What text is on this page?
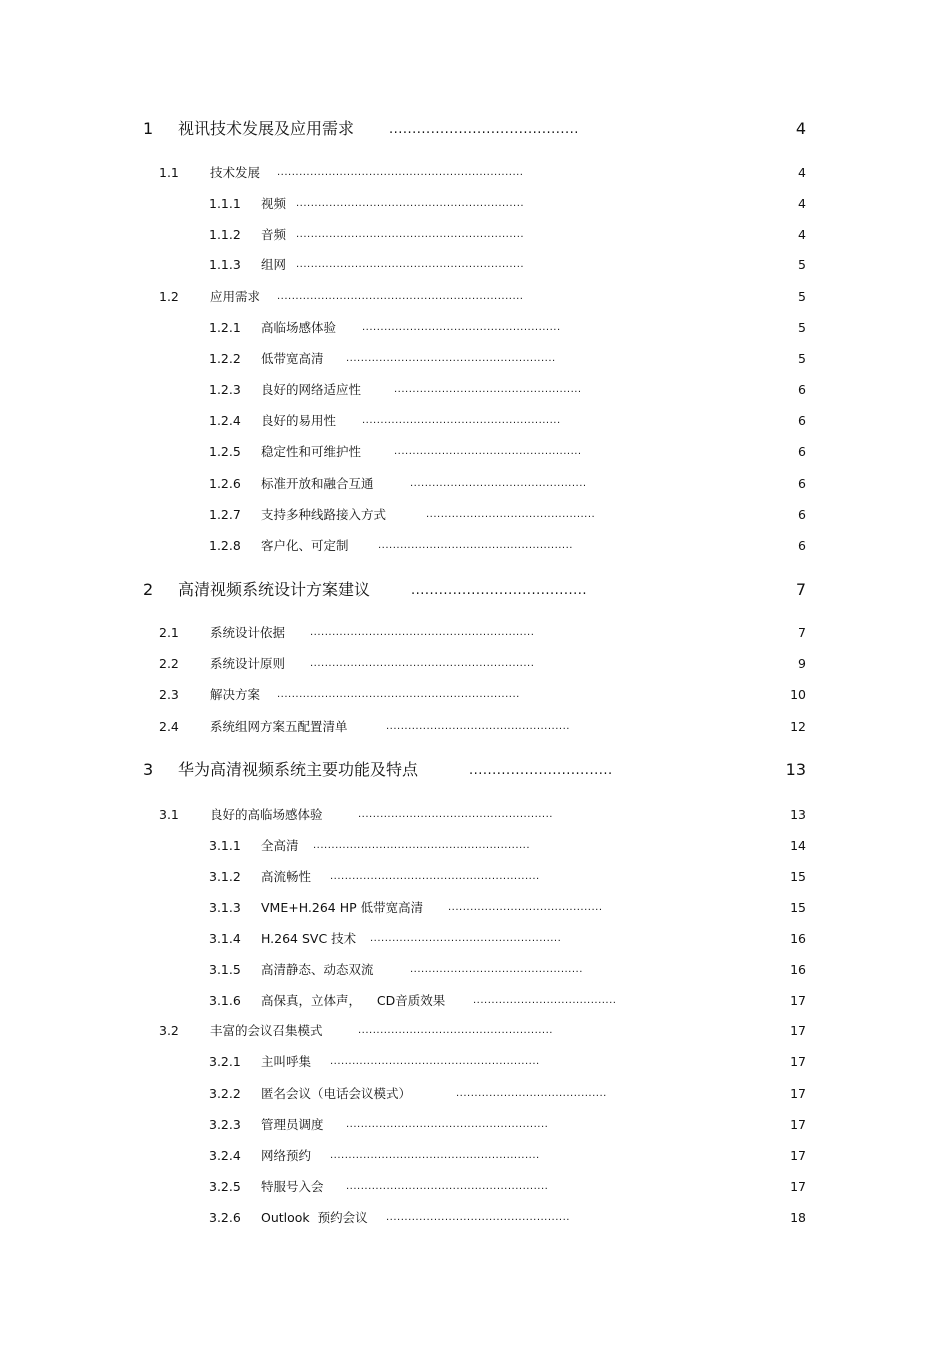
1 视讯技术发展及应用需求	.........................................	4
1.1 技术发展 ...................................................................	4
1.1.1 视频 ..............................................................	4
1.1.2 音频 ..............................................................	4
1.1.3 组网 ..............................................................	5
1.2 应用需求 ...................................................................	5
1.2.1 高临场感体验	......................................................	5
1.2.2 低带宽高清 .........................................................	5
1.2.3 良好的网络适应性	...................................................	6
1.2.4 良好的易用性	......................................................	6
1.2.5 稳定性和可维护性	...................................................	6
1.2.6 标准开放和融合互通	................................................	6
1.2.7 支持多种线路接入方式	..............................................	6
1.2.8 客户化、可定制	.....................................................	6
2 高清视频系统设计方案建议	......................................	7
2.1 系统设计依据 .............................................................	7
2.2 系统设计原则 .............................................................	9
2.3 解决方案 ..................................................................	10
2.4 系统组网方案五配置清单	..................................................	12
3 华为高清视频系统主要功能及特点	...............................	13
3.1 良好的高临场感体验	.....................................................	13
3.1.1 全高清 ...........................................................	14
3.1.2 高流畅性 .........................................................	15
3.1.3 VME+H.264 HP 低带宽高清 ..........................................	15
3.1.4 H.264 SVC 技术 ....................................................	16
3.1.5 高清静态、动态双流	...............................................	16
3.1.6 高保真，立体声，    CD音质效果	.......................................	17
3.2 丰富的会议召集模式	.....................................................	17
3.2.1 主叫呼集 .........................................................	17
3.2.2 匿名会议（电话会议模式）	.........................................	17
3.2.3 管理员调度 .......................................................	17
3.2.4 网络预约 .........................................................	17
3.2.5 特服号入会 .......................................................	17
3.2.6 Outlook  预约会议 ..................................................	18
